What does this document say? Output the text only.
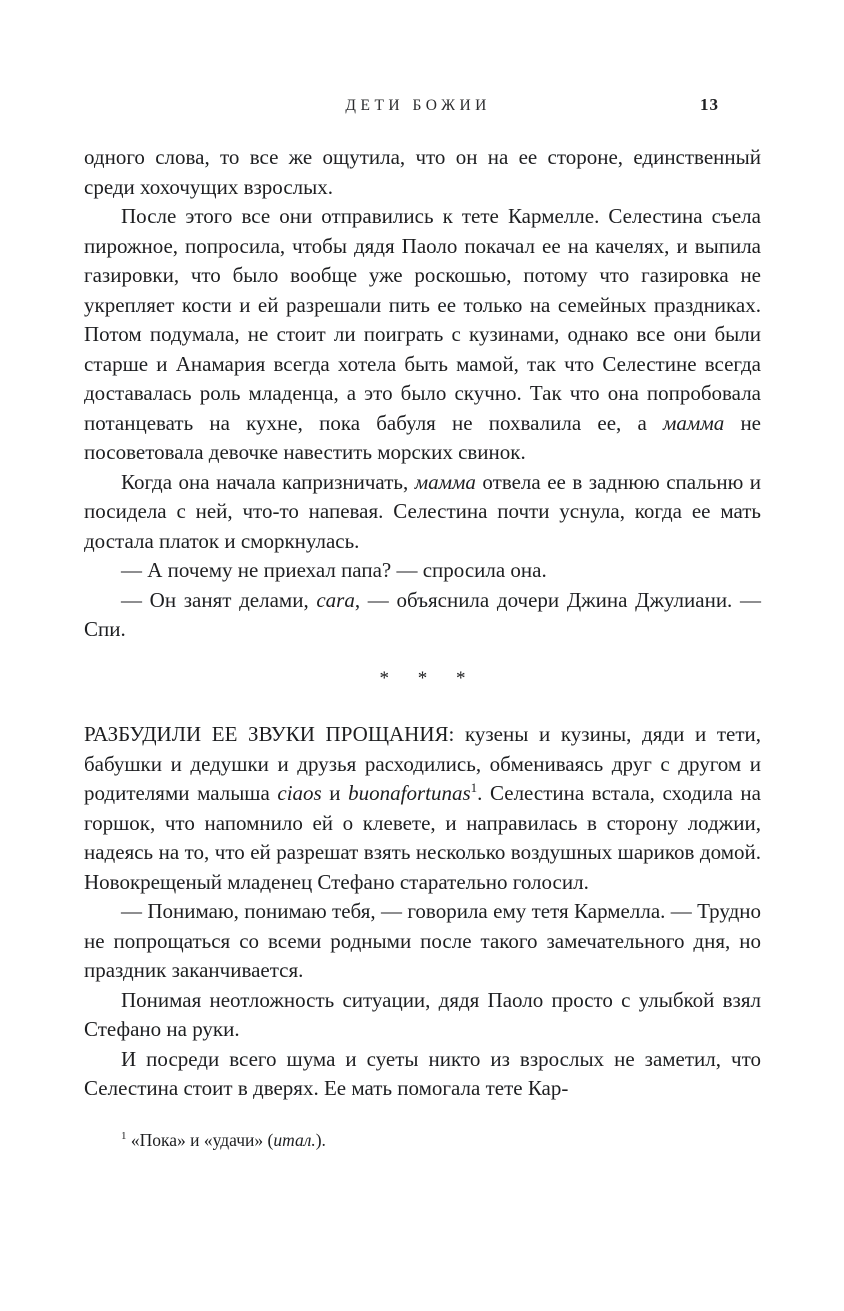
ДЕТИ БОЖИИ	13

одного слова, то все же ощутила, что он на ее стороне, единственный среди хохочущих взрослых.

После этого все они отправились к тете Кармелле. Селестина съела пирожное, попросила, чтобы дядя Паоло покачал ее на качелях, и выпила газировки, что было вообще уже роскошью, потому что газировка не укрепляет кости и ей разрешали пить ее только на семейных праздниках. Потом подумала, не стоит ли поиграть с кузинами, однако все они были старше и Анамария всегда хотела быть мамой, так что Селестине всегда доставалась роль младенца, а это было скучно. Так что она попробовала потанцевать на кухне, пока бабуля не похвалила ее, а мамма не посоветовала девочке навестить морских свинок.

Когда она начала капризничать, мамма отвела ее в заднюю спальню и посидела с ней, что-то напевая. Селестина почти уснула, когда ее мать достала платок и сморкнулась.

— А почему не приехал папа? — спросила она.

— Он занят делами, cara, — объяснила дочери Джина Джулиани. — Спи.

* * *

РАЗБУДИЛИ ЕЕ ЗВУКИ ПРОЩАНИЯ: кузены и кузины, дяди и тети, бабушки и дедушки и друзья расходились, обмениваясь друг с другом и родителями малыша ciaos и buonafortunas$^1$. Селестина встала, сходила на горшок, что напомнило ей о клевете, и направилась в сторону лоджии, надеясь на то, что ей разрешат взять несколько воздушных шариков домой. Новокрещеный младенец Стефано старательно голосил.

— Понимаю, понимаю тебя, — говорила ему тетя Кармелла. — Трудно не попрощаться со всеми родными после такого замечательного дня, но праздник заканчивается.

Понимая неотложность ситуации, дядя Паоло просто с улыбкой взял Стефано на руки.

И посреди всего шума и суеты никто из взрослых не заметил, что Селестина стоит в дверях. Ее мать помогала тете Кар-

$^1$ «Пока» и «удачи» (итал.).
